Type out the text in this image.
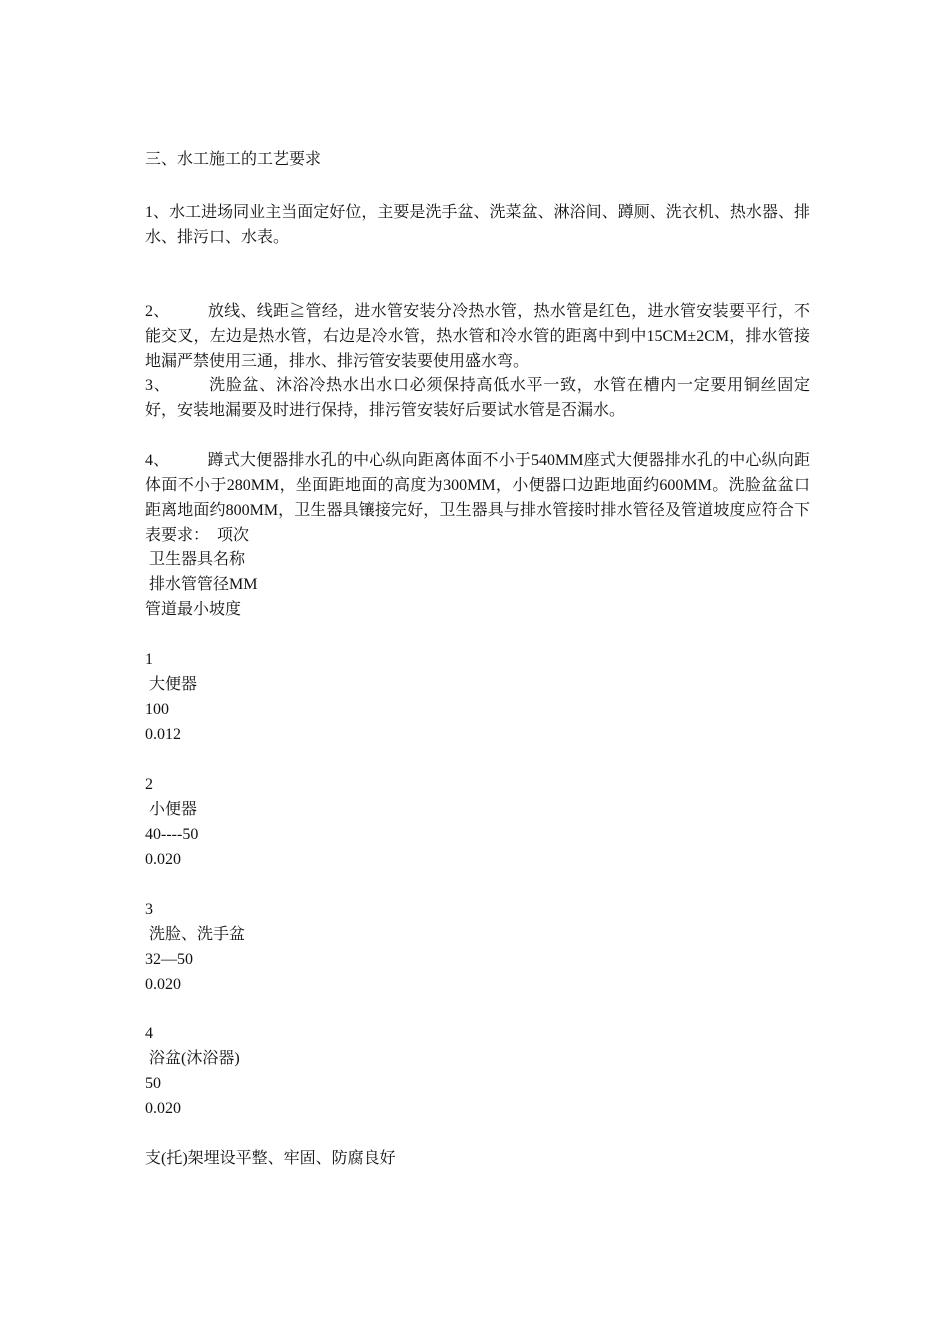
三、水工施工的工艺要求
1、水工进场同业主当面定好位，主要是洗手盆、洗菜盆、淋浴间、蹲厕、洗衣机、热水器、排水、排污口、水表。
2、 放线、线距≧管经，进水管安装分冷热水管，热水管是红色，进水管安装要平行，不能交叉，左边是热水管，右边是冷水管，热水管和冷水管的距离中到中15CM±2CM，排水管接地漏严禁使用三通，排水、排污管安装要使用盛水弯。
3、 洗脸盆、沐浴冷热水出水口必须保持高低水平一致，水管在槽内一定要用铜丝固定好，安装地漏要及时进行保持，排污管安装好后要试水管是否漏水。
4、 蹲式大便器排水孔的中心纵向距离体面不小于540MM座式大便器排水孔的中心纵向距体面不小于280MM，坐面距地面的高度为300MM，小便器口边距地面约600MM。洗脸盆盆口距离地面约800MM，卫生器具镶接完好，卫生器具与排水管接时排水管径及管道坡度应符合下表要求：　项次
卫生器具名称
排水管管径MM
管道最小坡度
1
大便器
100
0.012
2
小便器
40----50
0.020
3
洗脸、洗手盆
32—50
0.020
4
浴盆(沐浴器)
50
0.020
支(托)架埋设平整、牢固、防腐良好
